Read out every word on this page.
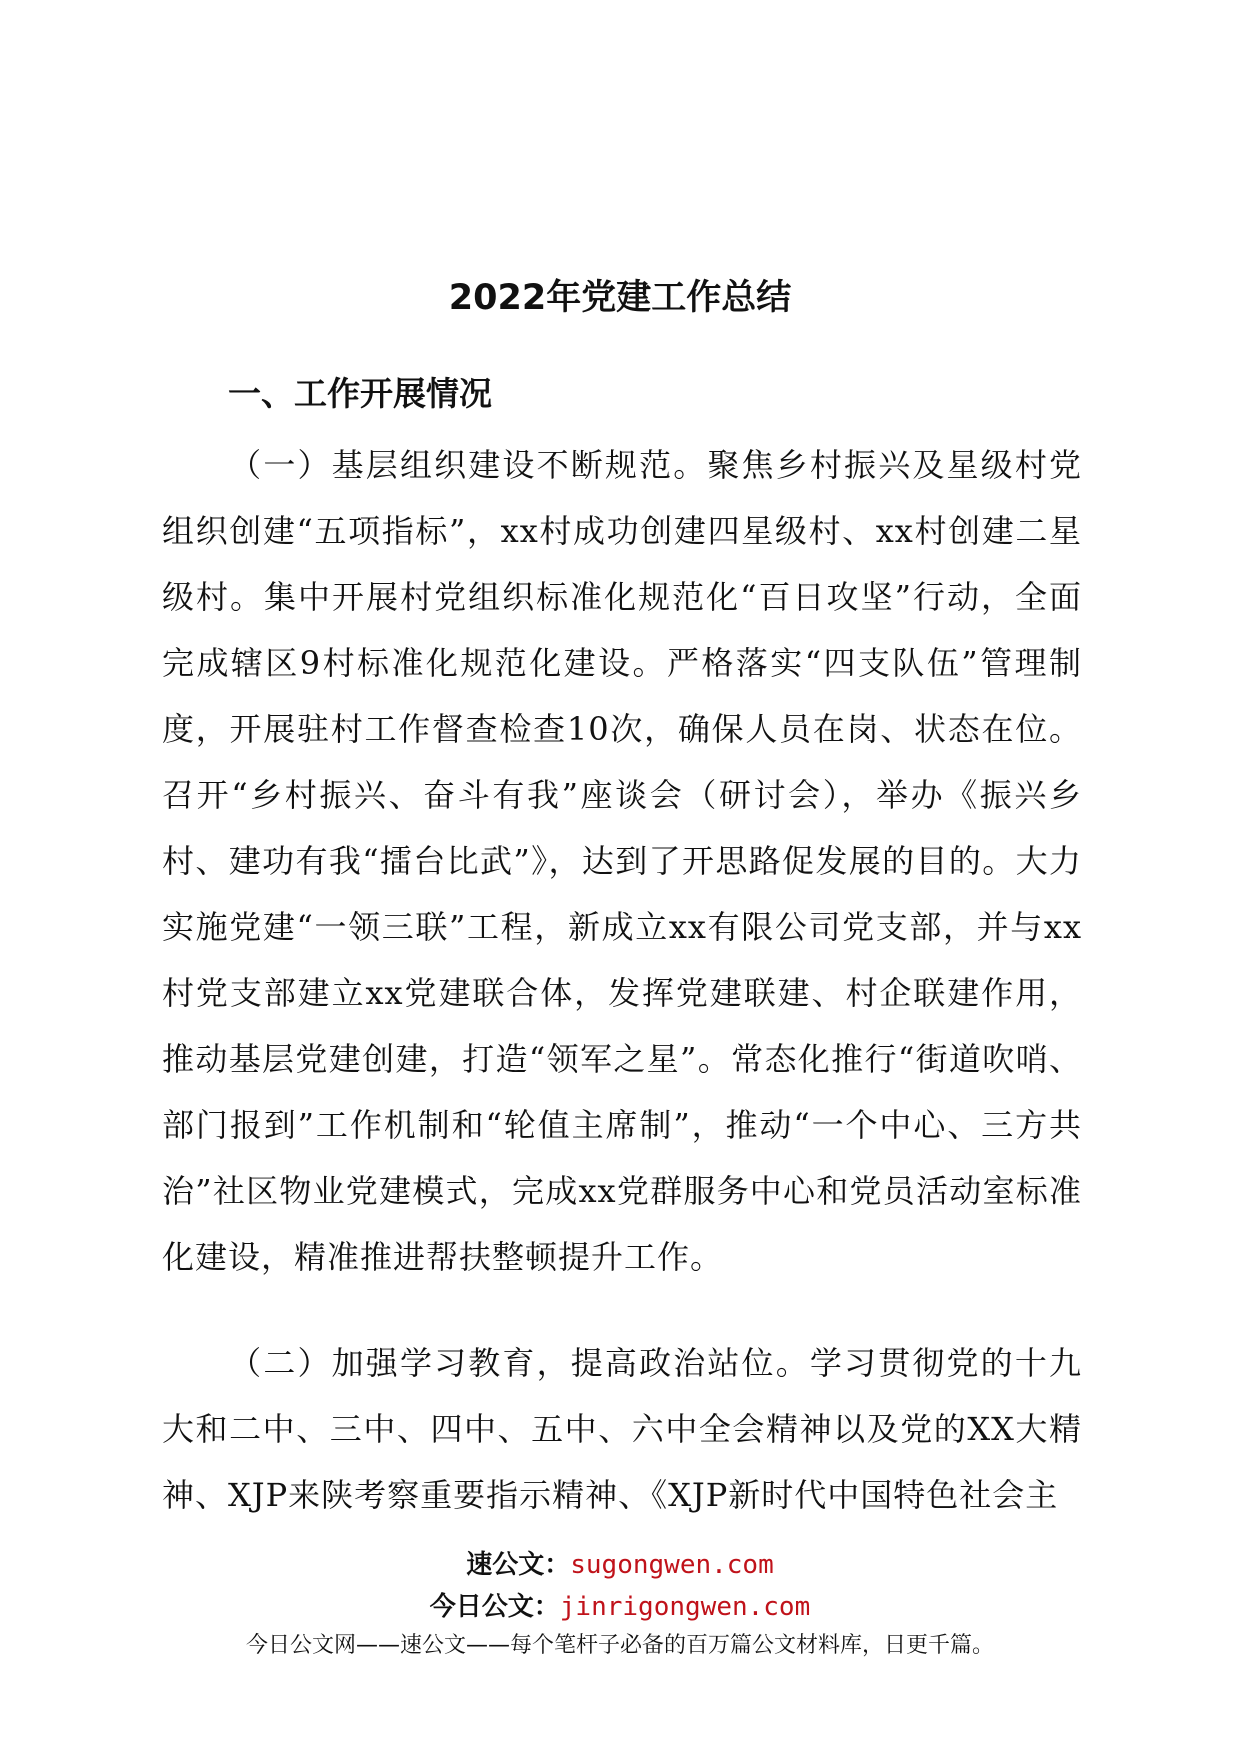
2022年党建工作总结
一、工作开展情况
（一）基层组织建设不断规范。聚焦乡村振兴及星级村党组织创建“五项指标”，xx村成功创建四星级村、xx村创建二星级村。集中开展村党组织标准化规范化“百日攻坚”行动，全面完成辖区9村标准化规范化建设。严格落实“四支队伍”管理制度，开展驻村工作督查检查10次，确保人员在岗、状态在位。召开“乡村振兴、奋斗有我”座谈会（研讨会），举办《振兴乡村、建功有我“擂台比武”》，达到了开思路促发展的目的。大力实施党建“一领三联”工程，新成立xx有限公司党支部，并与xx村党支部建立xx党建联合体，发挥党建联建、村企联建作用，推动基层党建创建，打造“领军之星”。常态化推行“街道吹哨、部门报到”工作机制和“轮值主席制”，推动“一个中心、三方共治”社区物业党建模式，完成xx党群服务中心和党员活动室标准化建设，精准推进帮扶整顿提升工作。
（二）加强学习教育，提高政治站位。学习贯彻党的十九大和二中、三中、四中、五中、六中全会精神以及党的XX大精神、XJP来陕考察重要指示精神、《XJP新时代中国特色社会主
速公文：sugongwen.com
今日公文：jinrigongwen.com
今日公文网——速公文——每个笔杆子必备的百万篇公文材料库，日更千篇。
